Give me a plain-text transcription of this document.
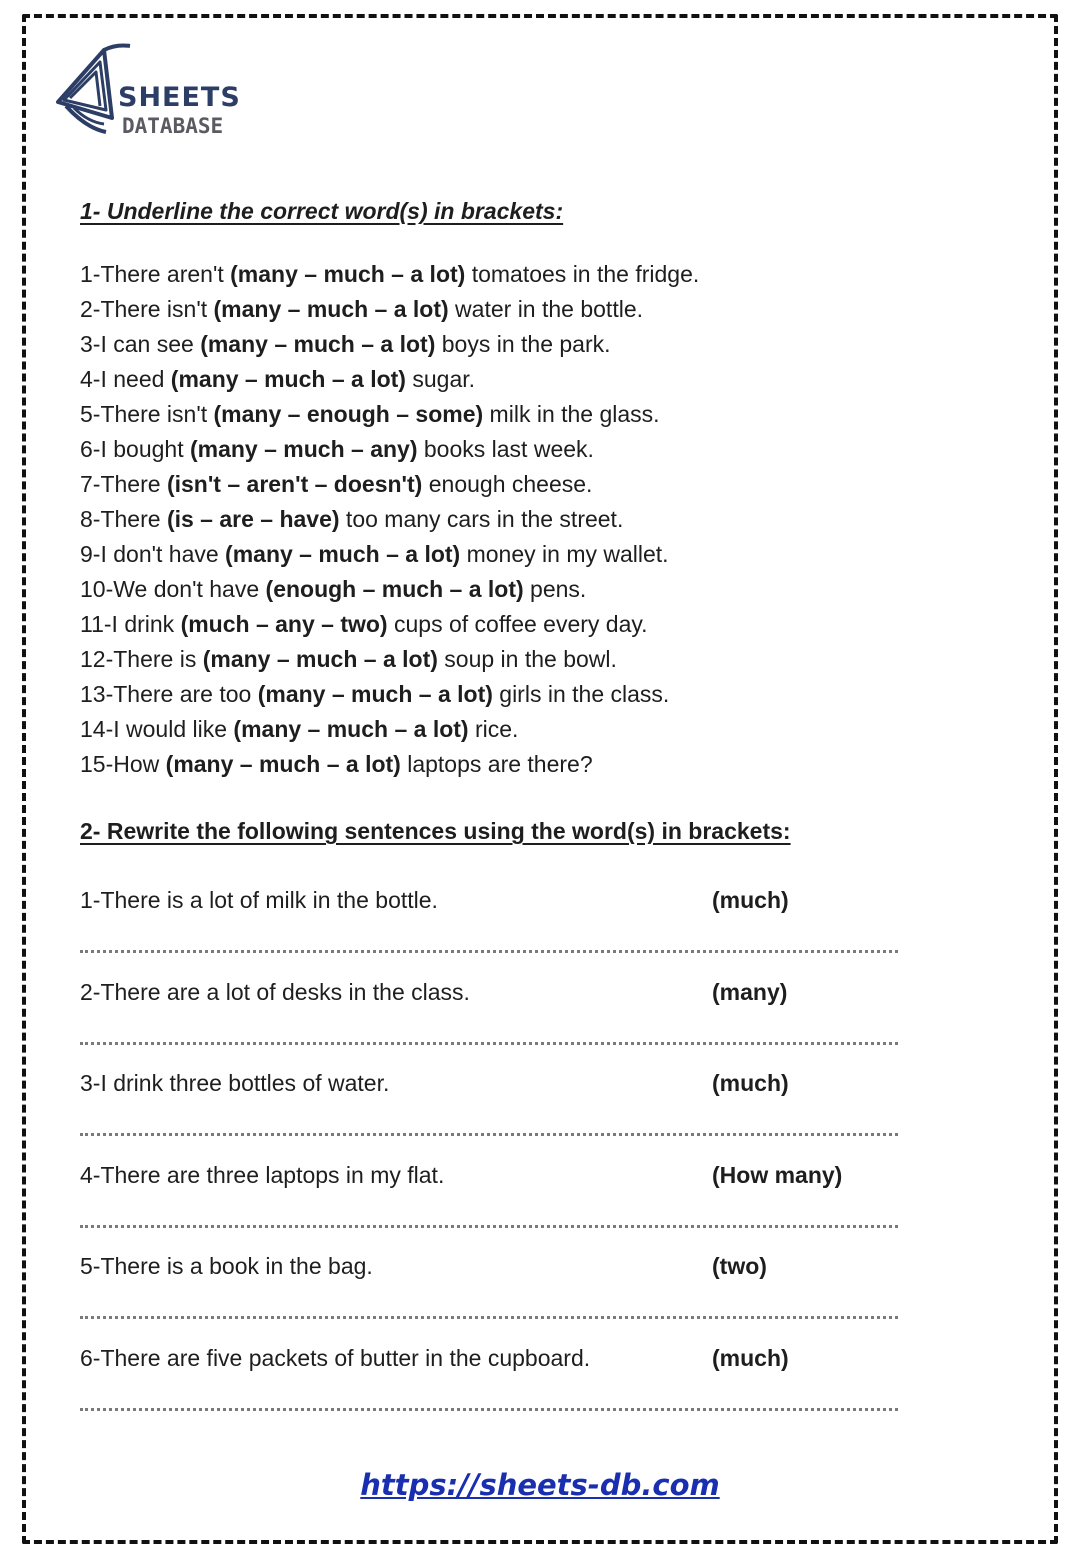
SHEETS
DATABASE
1- Underline the correct word(s) in brackets:
1-There aren't (many – much – a lot) tomatoes in the fridge.
2-There isn't (many – much – a lot) water in the bottle.
3-I can see (many – much – a lot) boys in the park.
4-I need (many – much – a lot) sugar.
5-There isn't (many – enough – some) milk in the glass.
6-I bought (many – much – any) books last week.
7-There (isn't – aren't – doesn't) enough cheese.
8-There (is – are – have) too many cars in the street.
9-I don't have (many – much – a lot) money in my wallet.
10-We don't have (enough – much – a lot) pens.
11-I drink (much – any – two) cups of coffee every day.
12-There is (many – much – a lot) soup in the bowl.
13-There are too (many – much – a lot) girls in the class.
14-I would like (many – much – a lot) rice.
15-How (many – much – a lot) laptops are there?
2- Rewrite the following sentences using the word(s) in brackets:
1-There is a lot of milk in the bottle.	(much)
2-There are a lot of desks in the class.	(many)
3-I drink three bottles of water.	(much)
4-There are three laptops in my flat.	(How many)
5-There is a book in the bag.	(two)
6-There are five packets of butter in the cupboard.	(much)
https://sheets-db.com
